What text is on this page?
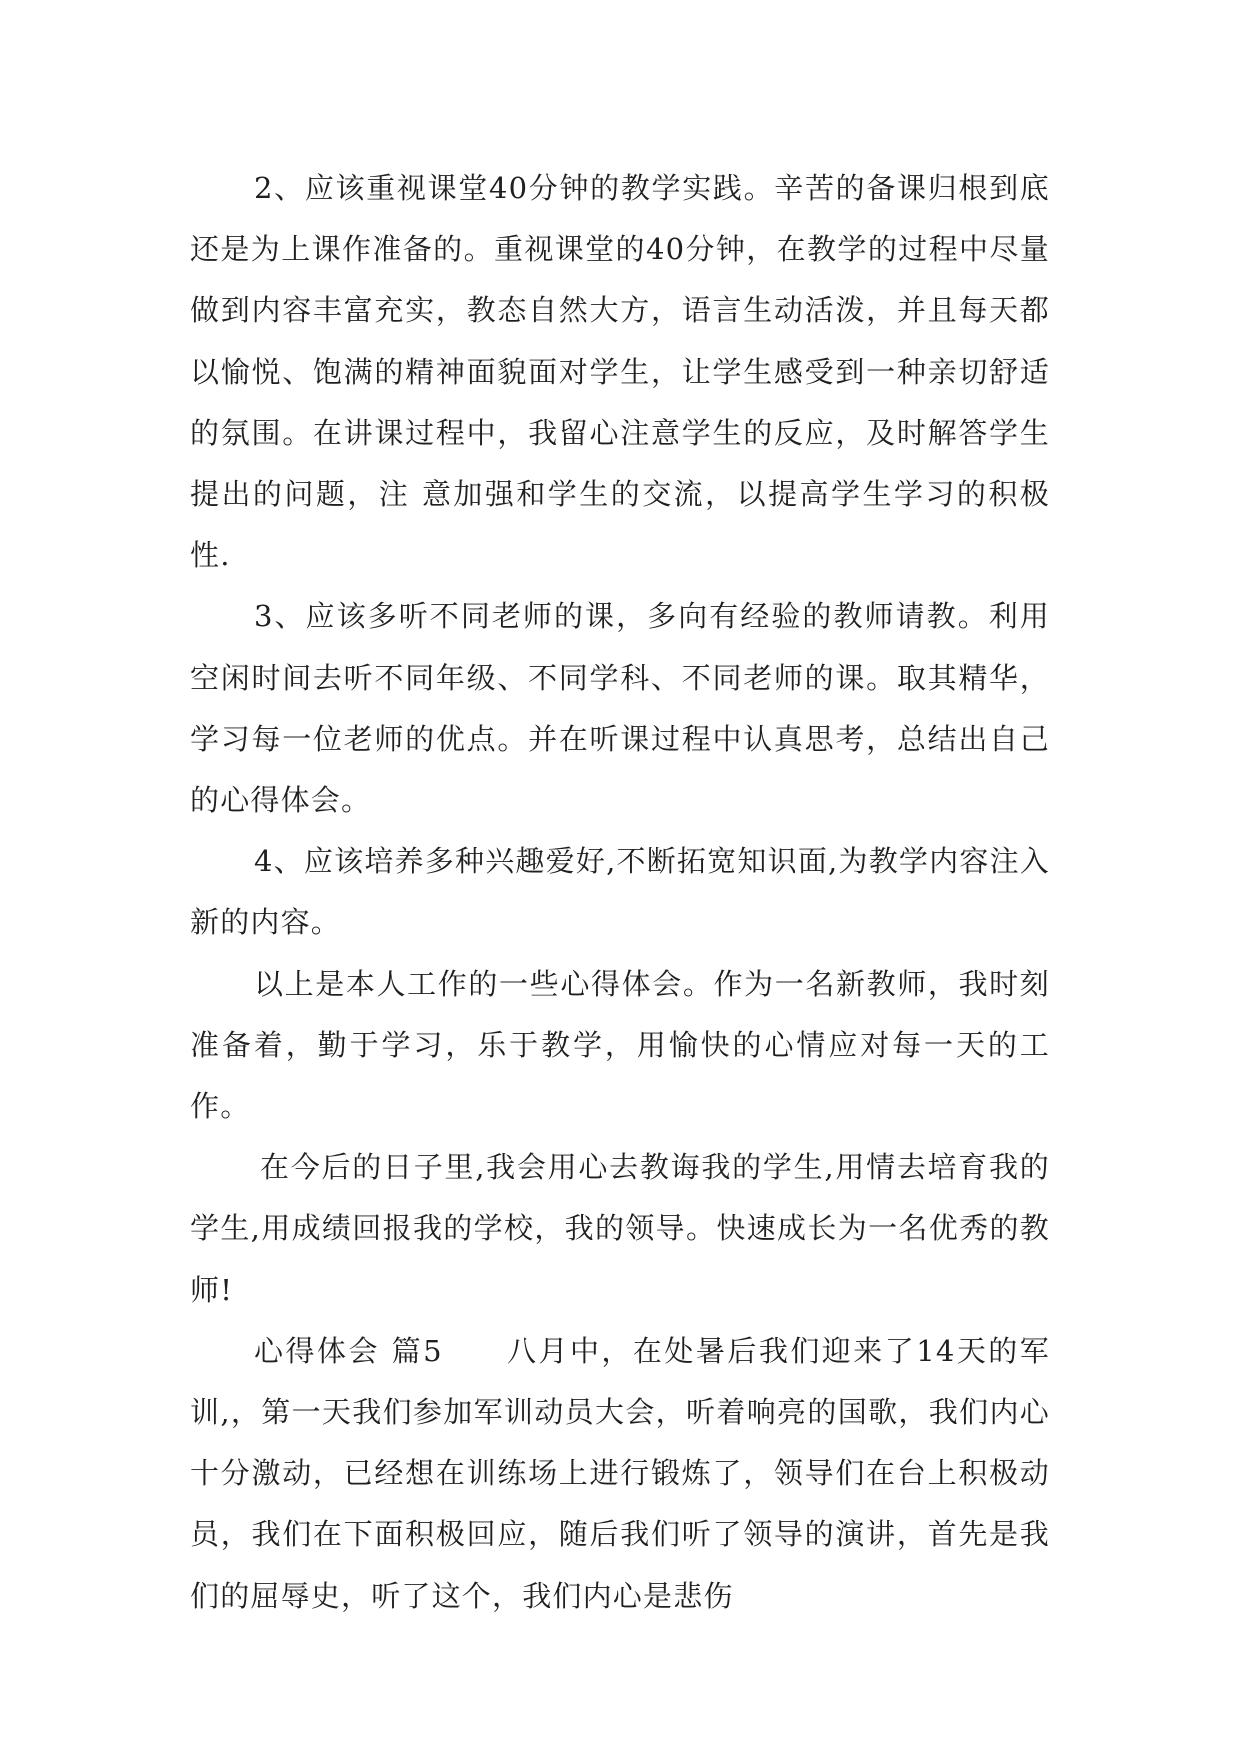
2、应该重视课堂40分钟的教学实践。辛苦的备课归根到底还是为上课作准备的。重视课堂的40分钟，在教学的过程中尽量做到内容丰富充实，教态自然大方，语言生动活泼，并且每天都以愉悦、饱满的精神面貌面对学生，让学生感受到一种亲切舒适的氛围。在讲课过程中，我留心注意学生的反应，及时解答学生提出的问题，注 意加强和学生的交流，以提高学生学习的积极性.

3、应该多听不同老师的课，多向有经验的教师请教。利用空闲时间去听不同年级、不同学科、不同老师的课。取其精华，学习每一位老师的优点。并在听课过程中认真思考，总结出自己的心得体会。

4、应该培养多种兴趣爱好,不断拓宽知识面,为教学内容注入新的内容。

以上是本人工作的一些心得体会。作为一名新教师，我时刻准备着，勤于学习，乐于教学，用愉快的心情应对每一天的工作。

在今后的日子里,我会用心去教诲我的学生,用情去培育我的学生,用成绩回报我的学校，我的领导。快速成长为一名优秀的教师!

心得体会 篇5　　八月中，在处暑后我们迎来了14天的军训,，第一天我们参加军训动员大会，听着响亮的国歌，我们内心十分激动，已经想在训练场上进行锻炼了，领导们在台上积极动员，我们在下面积极回应，随后我们听了领导的演讲，首先是我们的屈辱史，听了这个，我们内心是悲伤
